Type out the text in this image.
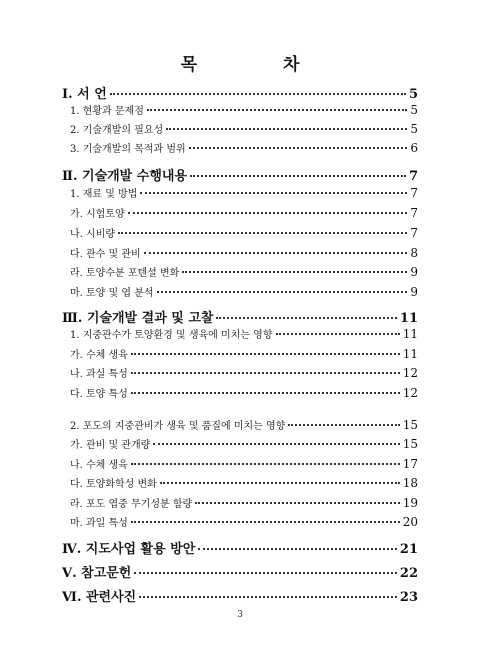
목 차
Ⅰ. 서 언	5
1. 현황과 문제점	5
2. 기술개발의 필요성	5
3. 기술개발의 목적과 범위	6
Ⅱ. 기술개발 수행내용	7
1. 재료 및 방법	7
가. 시험토양	7
나. 시비량	7
다. 관수 및 관비	8
라. 토양수분 포텐셜 변화	9
마. 토양 및 엽 분석	9
Ⅲ. 기술개발 결과 및 고찰	11
1. 지중관수가 토양환경 및 생육에 미치는 영향	11
가. 수체 생육	11
나. 과실 특성	12
다. 토양 특성	12
2. 포도의 지중관비가 생육 및 품질에 미치는 영향	15
가. 관비 및 관개량	15
나. 수체 생육	17
다. 토양화학성 변화	18
라. 포도 엽중 무기성분 함량	19
마. 과일 특성	20
Ⅳ. 지도사업 활용 방안	21
Ⅴ. 참고문헌	22
Ⅵ. 관련사진	23
3
